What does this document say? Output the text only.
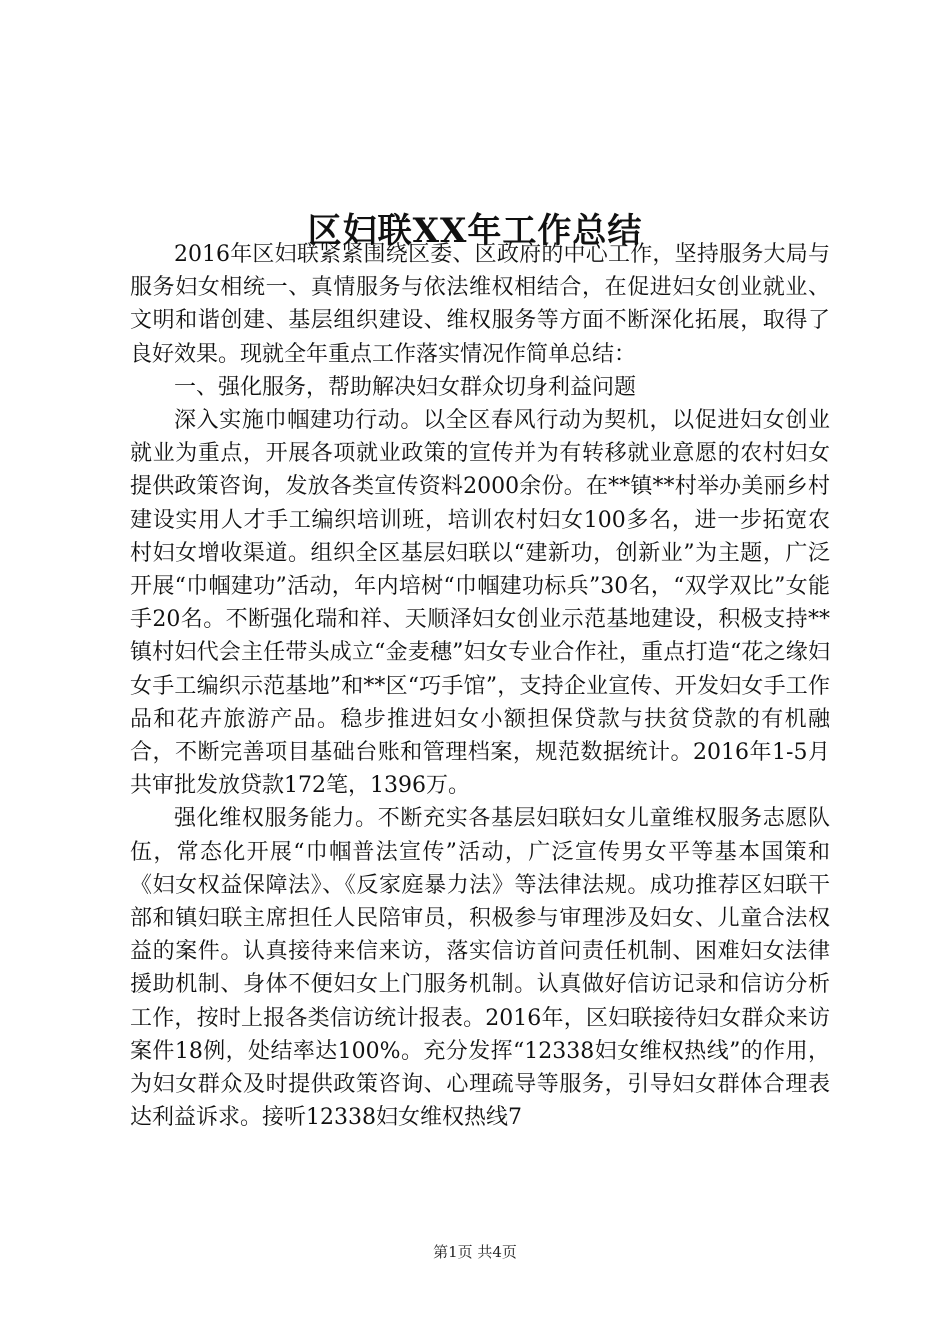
区妇联XX年工作总结

2016年区妇联紧紧围绕区委、区政府的中心工作，坚持服务大局与服务妇女相统一、真情服务与依法维权相结合，在促进妇女创业就业、文明和谐创建、基层组织建设、维权服务等方面不断深化拓展，取得了良好效果。现就全年重点工作落实情况作简单总结：

一、强化服务，帮助解决妇女群众切身利益问题

深入实施巾帼建功行动。以全区春风行动为契机，以促进妇女创业就业为重点，开展各项就业政策的宣传并为有转移就业意愿的农村妇女提供政策咨询，发放各类宣传资料2000余份。在**镇**村举办美丽乡村建设实用人才手工编织培训班，培训农村妇女100多名，进一步拓宽农村妇女增收渠道。组织全区基层妇联以“建新功，创新业”为主题，广泛开展“巾帼建功”活动，年内培树“巾帼建功标兵”30名，“双学双比”女能手20名。不断强化瑞和祥、天顺泽妇女创业示范基地建设，积极支持**镇村妇代会主任带头成立“金麦穗”妇女专业合作社，重点打造“花之缘妇女手工编织示范基地”和**区“巧手馆”，支持企业宣传、开发妇女手工作品和花卉旅游产品。稳步推进妇女小额担保贷款与扶贫贷款的有机融合，不断完善项目基础台账和管理档案，规范数据统计。2016年1-5月共审批发放贷款172笔，1396万。

强化维权服务能力。不断充实各基层妇联妇女儿童维权服务志愿队伍，常态化开展“巾帼普法宣传”活动，广泛宣传男女平等基本国策和《妇女权益保障法》、《反家庭暴力法》等法律法规。成功推荐区妇联干部和镇妇联主席担任人民陪审员，积极参与审理涉及妇女、儿童合法权益的案件。认真接待来信来访，落实信访首问责任机制、困难妇女法律援助机制、身体不便妇女上门服务机制。认真做好信访记录和信访分析工作，按时上报各类信访统计报表。2016年，区妇联接待妇女群众来访案件18例，处结率达100%。充分发挥“12338妇女维权热线”的作用，为妇女群众及时提供政策咨询、心理疏导等服务，引导妇女群体合理表达利益诉求。接听12338妇女维权热线7

第1页 共4页
